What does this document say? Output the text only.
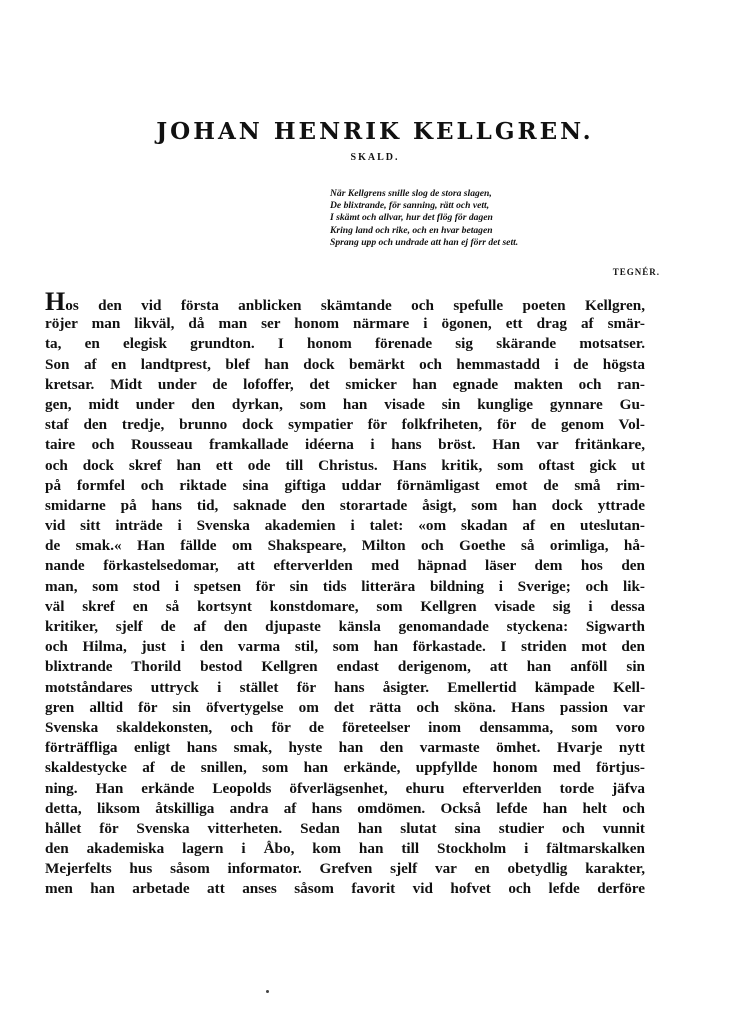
JOHAN HENRIK KELLGREN.
SKALD.
När Kellgrens snille slog de stora slagen,
De blixtrande, för sanning, rätt och vett,
I skämt och allvar, hur det flög för dagen
Kring land och rike, och en hvar betagen
Sprang upp och undrade att han ej förr det sett.
TEGNÉR.
Hos den vid första anblicken skämtande och spefulle poeten Kellgren,
röjer man likväl, då man ser honom närmare i ögonen, ett drag af smär-
ta, en elegisk grundton. I honom förenade sig skärande motsatser.
Son af en landtprest, blef han dock bemärkt och hemmastadd i de högsta
kretsar. Midt under de lofoffer, det smicker han egnade makten och ran-
gen, midt under den dyrkan, som han visade sin kunglige gynnare Gu-
staf den tredje, brunno dock sympatier för folkfriheten, för de genom Vol-
taire och Rousseau framkallade idéerna i hans bröst. Han var fritänkare,
och dock skref han ett ode till Christus. Hans kritik, som oftast gick ut
på formfel och riktade sina giftiga uddar förnämligast emot de små rim-
smidarne på hans tid, saknade den storartade åsigt, som han dock yttrade
vid sitt inträde i Svenska akademien i talet: «om skadan af en uteslutan-
de smak.« Han fällde om Shakspeare, Milton och Goethe så orimliga, hå-
nande förkastelsedomar, att efterverlden med häpnad läser dem hos den
man, som stod i spetsen för sin tids litterära bildning i Sverige; och lik-
väl skref en så kortsynt konstdomare, som Kellgren visade sig i dessa
kritiker, sjelf de af den djupaste känsla genomandade styckena: Sigwarth
och Hilma, just i den varma stil, som han förkastade. I striden mot den
blixtrande Thorild bestod Kellgren endast derigenom, att han anföll sin
motståndares uttryck i stället för hans åsigter. Emellertid kämpade Kell-
gren alltid för sin öfvertygelse om det rätta och sköna. Hans passion var
Svenska skaldekonsten, och för de företeelser inom densamma, som voro
förträffliga enligt hans smak, hyste han den varmaste ömhet. Hvarje nytt
skaldestycke af de snillen, som han erkände, uppfyllde honom med förtjus-
ning. Han erkände Leopolds öfverlägsenhet, ehuru efterverlden torde jäfva
detta, liksom åtskilliga andra af hans omdömen. Också lefde han helt och
hållet för Svenska vitterheten. Sedan han slutat sina studier och vunnit
den akademiska lagern i Åbo, kom han till Stockholm i fältmarskalken
Mejerfelts hus såsom informator. Grefven sjelf var en obetydlig karakter,
men han arbetade att anses såsom favorit vid hofvet och lefde derföre
